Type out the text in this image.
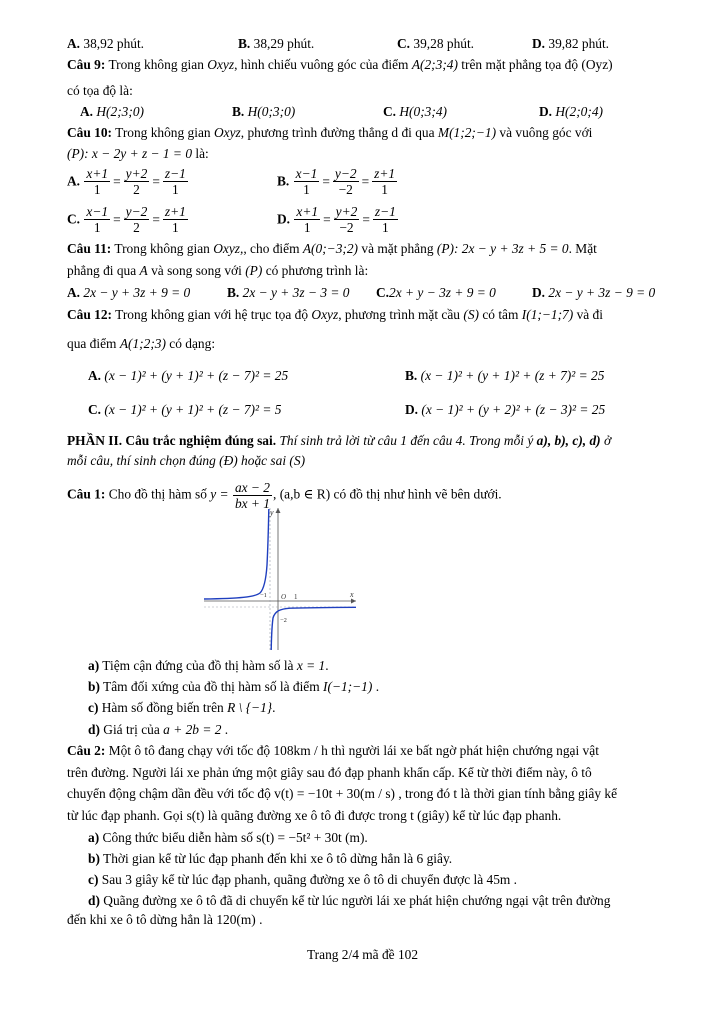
A. 38,92 phút.	B. 38,29 phút.	C. 39,28 phút.	D. 39,82 phút.
Câu 9: Trong không gian Oxyz, hình chiếu vuông góc của điểm A(2;3;4) trên mặt phẳng tọa độ (Oyz)
có tọa độ là:
A. H(2;3;0)	B. H(0;3;0)	C. H(0;3;4)	D. H(2;0;4)
Câu 10: Trong không gian Oxyz, phương trình đường thẳng d đi qua M(1;2;−1) và vuông góc với
(P): x − 2y + z − 1 = 0 là:
A. $\frac{x+1}{1} = \frac{y+2}{2} = \frac{z-1}{1}$	B. $\frac{x-1}{1} = \frac{y-2}{-2} = \frac{z+1}{1}$
C. $\frac{x-1}{1} = \frac{y-2}{2} = \frac{z+1}{1}$	D. $\frac{x+1}{1} = \frac{y+2}{-2} = \frac{z-1}{1}$
Câu 11: Trong không gian Oxyz,, cho điểm A(0;−3;2) và mặt phẳng (P): 2x − y + 3z + 5 = 0. Mặt
phẳng đi qua A và song song với (P) có phương trình là:
A. 2x − y + 3z + 9 = 0	B. 2x − y + 3z − 3 = 0 C.2x + y − 3z + 9 = 0	D. 2x − y + 3z − 9 = 0
Câu 12: Trong không gian với hệ trục tọa độ Oxyz, phương trình mặt cầu (S) có tâm I(1;−1;7) và đi
qua điểm A(1;2;3) có dạng:
A. (x − 1)² + (y + 1)² + (z − 7)² = 25	B. (x − 1)² + (y + 1)² + (z + 7)² = 25
C. (x − 1)² + (y + 1)² + (z − 7)² = 5	D. (x − 1)² + (y + 2)² + (z − 3)² = 25
PHẦN II. Câu trắc nghiệm đúng sai. Thí sinh trả lời từ câu 1 đến câu 4. Trong mỗi ý a), b), c), d) ở
mỗi câu, thí sinh chọn đúng (Đ) hoặc sai (S)
Câu 1: Cho đồ thị hàm số $y = \frac{ax - 2}{bx + 1}$ , (a,b ∈ R) có đồ thị như hình vẽ bên dưới.
y
x
O 1
−1
−2
a) Tiệm cận đứng của đồ thị hàm số là x = 1.
b) Tâm đối xứng của đồ thị hàm số là điểm I(−1;−1) .
c) Hàm số đồng biến trên R \ {−1}.
d) Giá trị của a + 2b = 2 .
Câu 2: Một ô tô đang chạy với tốc độ 108km / h thì người lái xe bất ngờ phát hiện chướng ngại vật
trên đường. Người lái xe phản ứng một giây sau đó đạp phanh khẩn cấp. Kể từ thời điểm này, ô tô
chuyển động chậm dần đều với tốc độ v(t) = −10t + 30(m / s) , trong đó t là thời gian tính bằng giây kể
từ lúc đạp phanh. Gọi s(t) là quãng đường xe ô tô đi được trong t (giây) kể từ lúc đạp phanh.
a) Công thức biểu diễn hàm số s(t) = −5t² + 30t (m).
b) Thời gian kể từ lúc đạp phanh đến khi xe ô tô dừng hẳn là 6 giây.
c) Sau 3 giây kể từ lúc đạp phanh, quãng đường xe ô tô di chuyển được là 45m .
d) Quãng đường xe ô tô đã di chuyển kể từ lúc người lái xe phát hiện chướng ngại vật trên đường
đến khi xe ô tô dừng hẳn là 120(m) .
Trang 2/4 mã đề 102
